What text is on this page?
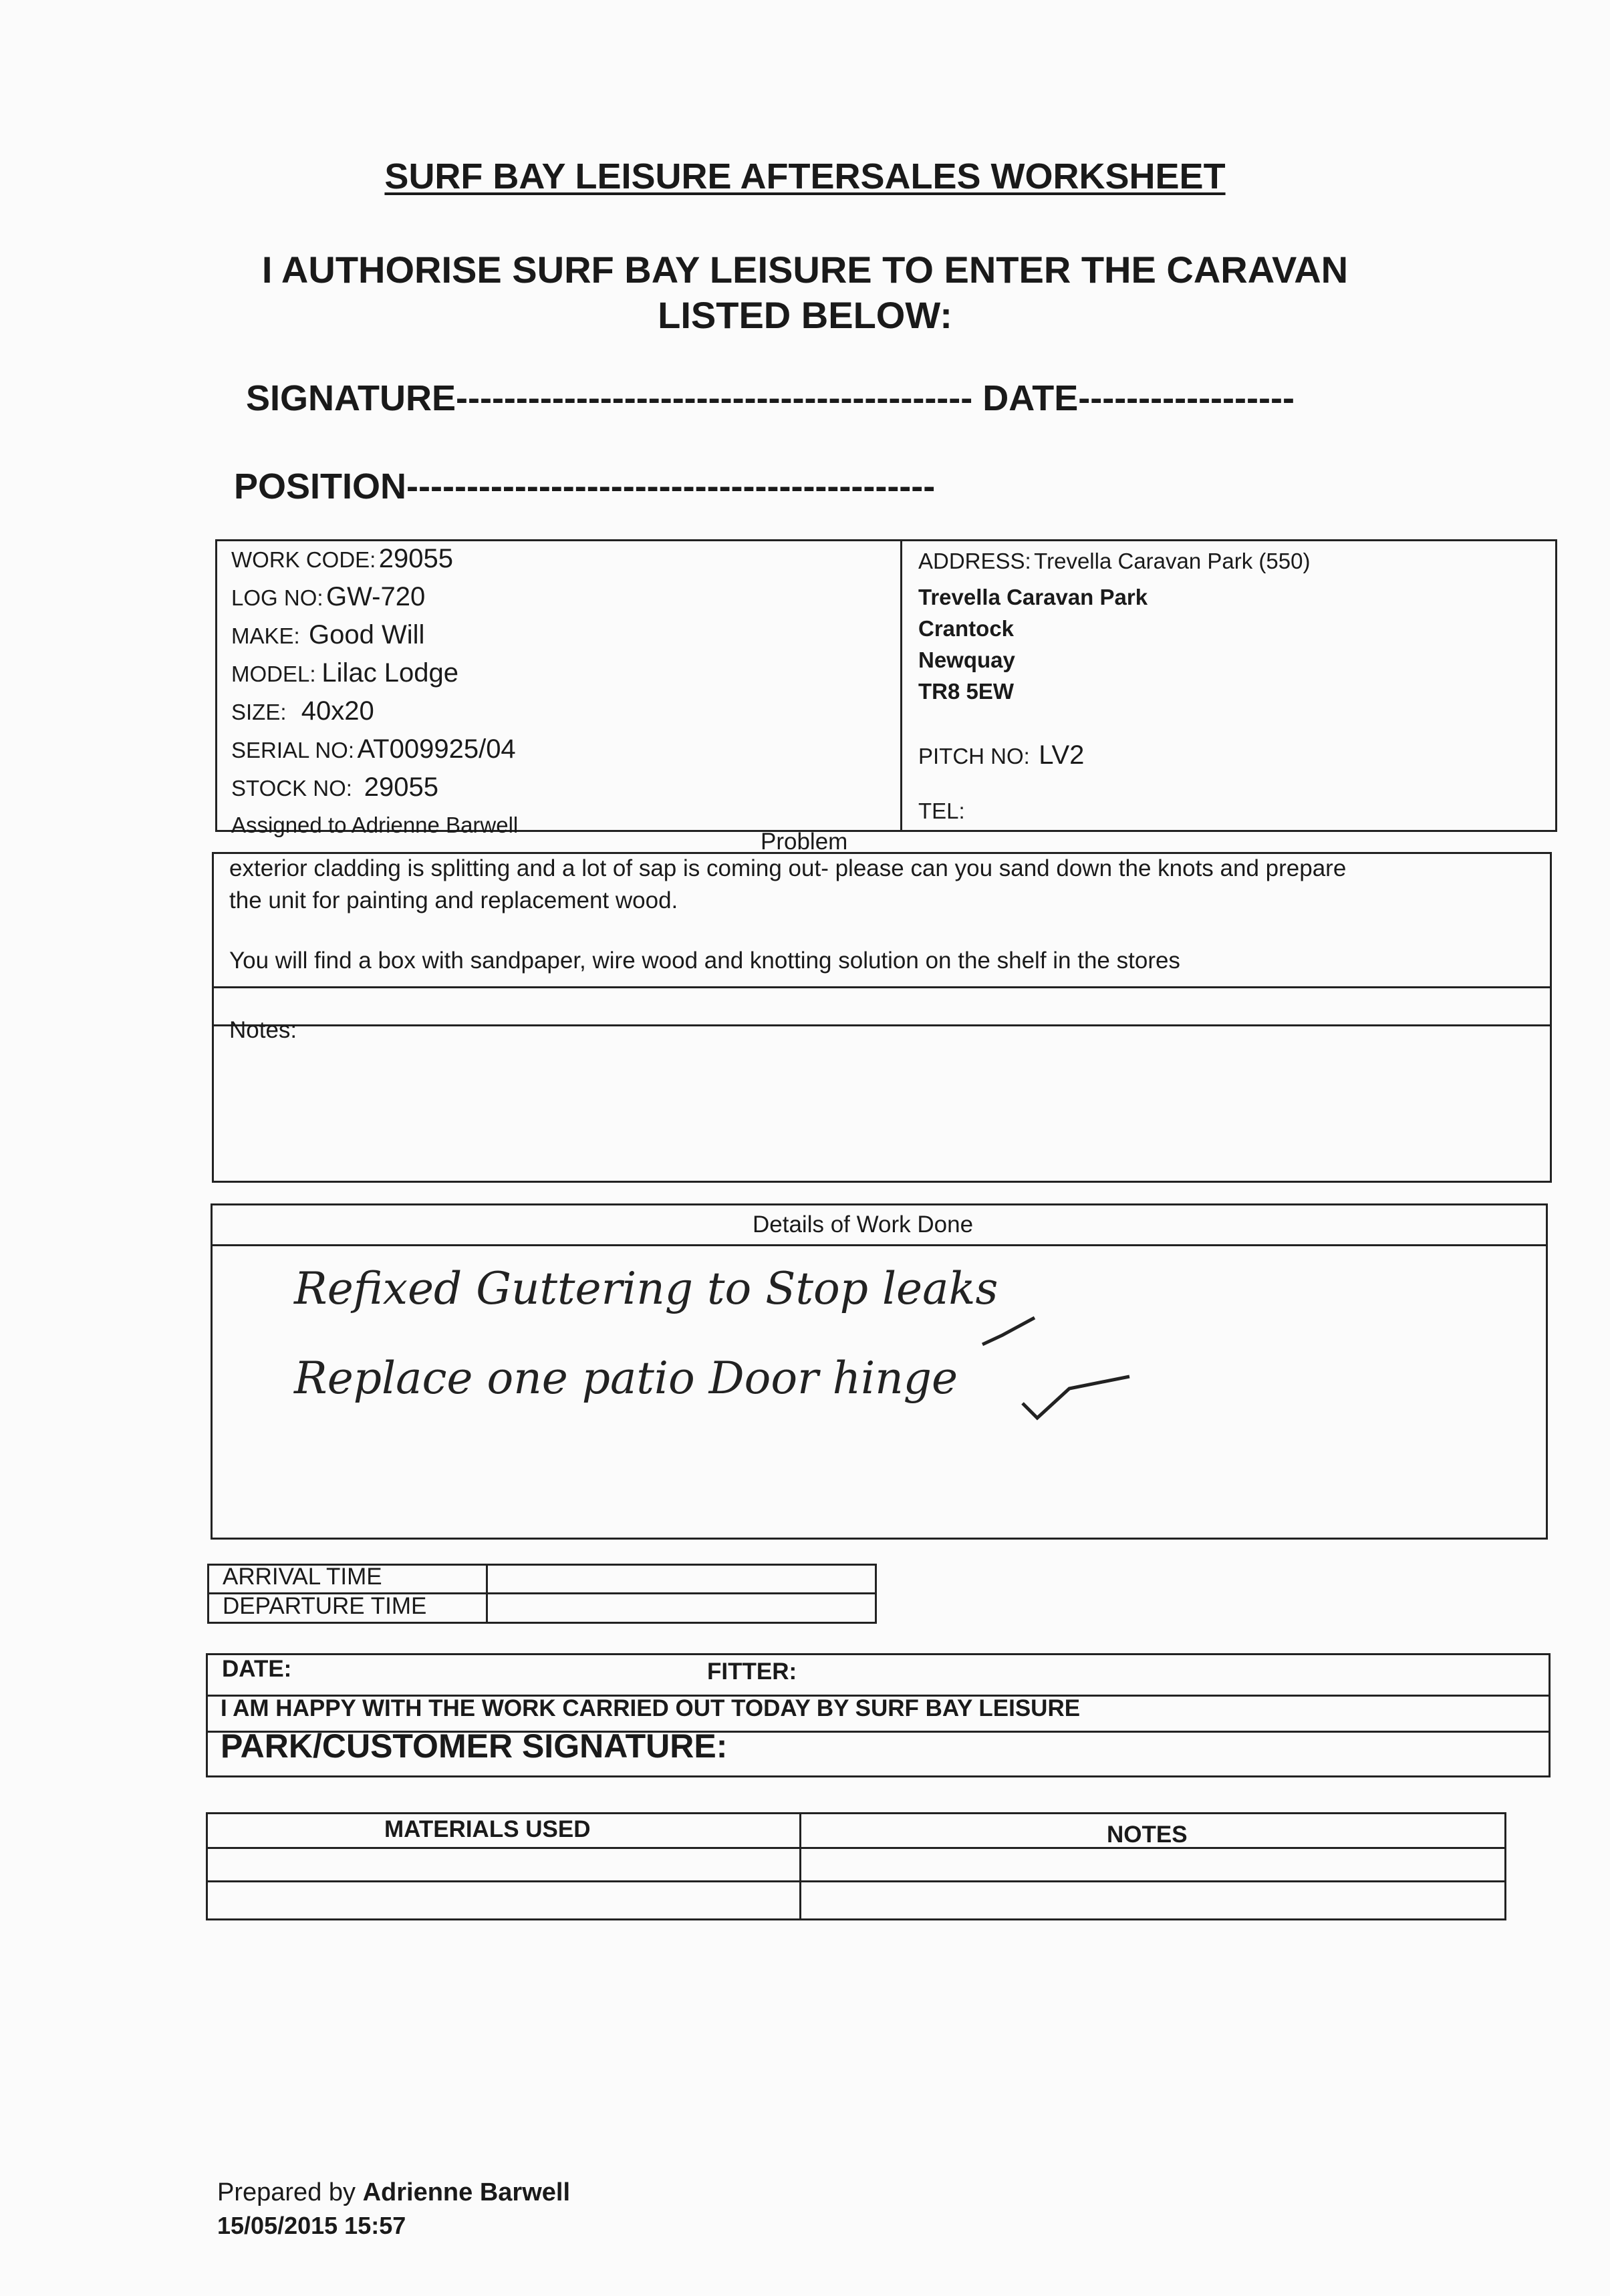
SURF BAY LEISURE AFTERSALES WORKSHEET
I AUTHORISE SURF BAY LEISURE TO ENTER THE CARAVAN
LISTED BELOW:
SIGNATURE------------------------------------------- DATE------------------
POSITION--------------------------------------------
WORK CODE: 29055
LOG NO: GW-720
MAKE: Good Will
MODEL: Lilac Lodge
SIZE: 40x20
SERIAL NO: AT009925/04
STOCK NO: 29055
Assigned to Adrienne Barwell
ADDRESS: Trevella Caravan Park (550)
Trevella Caravan Park
Crantock
Newquay
TR8 5EW
PITCH NO: LV2
TEL:
Problem
exterior cladding is splitting and a lot of sap is coming out- please can you sand down the knots and prepare
the unit for painting and replacement wood.
You will find a box with sandpaper, wire wood and knotting solution on the shelf in the stores
Notes:
Details of Work Done
Refixed Guttering to Stop leaks
Replace one patio Door hinge
ARRIVAL TIME
DEPARTURE TIME
DATE:	FITTER:
I AM HAPPY WITH THE WORK CARRIED OUT TODAY BY SURF BAY LEISURE
PARK/CUSTOMER SIGNATURE:
MATERIALS USED	NOTES
Prepared by Adrienne Barwell
15/05/2015 15:57
